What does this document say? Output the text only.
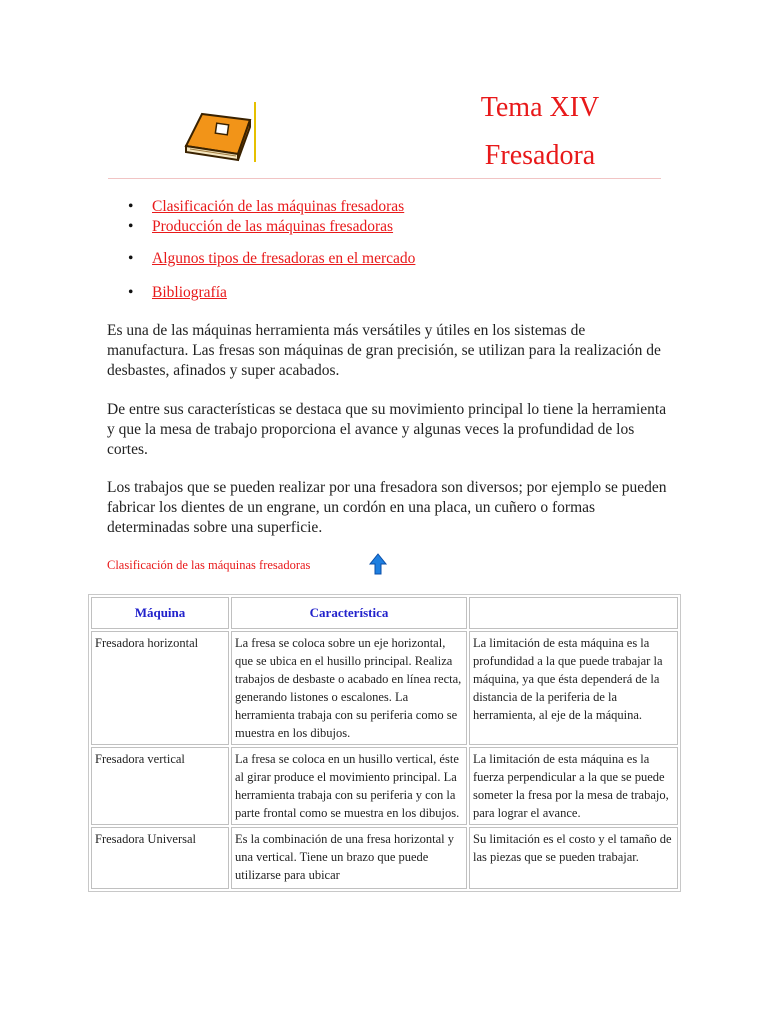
Tema XIV
Fresadora
• Clasificación de las máquinas fresadoras
• Producción de las máquinas fresadoras
• Algunos tipos de fresadoras en el mercado
• Bibliografía

Es una de las máquinas herramienta más versátiles y útiles en los sistemas de manufactura. Las fresas son máquinas de gran precisión, se utilizan para la realización de desbastes, afinados y super acabados.

De entre sus características se destaca que su movimiento principal lo tiene la herramienta y que la mesa de trabajo proporciona el avance y algunas veces la profundidad de los cortes.

Los trabajos que se pueden realizar por una fresadora son diversos; por ejemplo se pueden fabricar los dientes de un engrane, un cordón en una placa, un cuñero o formas determinadas sobre una superficie.

Clasificación de las máquinas fresadoras
Máquina	Característica	
Fresadora horizontal	La fresa se coloca sobre un eje horizontal, que se ubica en el husillo principal. Realiza trabajos de desbaste o acabado en línea recta, generando listones o escalones. La herramienta trabaja con su periferia como se muestra en los dibujos.	La limitación de esta máquina es la profundidad a la que puede trabajar la máquina, ya que ésta dependerá de la distancia de la periferia de la herramienta, al eje de la máquina.
Fresadora vertical	La fresa se coloca en un husillo vertical, éste al girar produce el movimiento principal. La herramienta trabaja con su periferia y con la parte frontal como se muestra en los dibujos.	La limitación de esta máquina es la fuerza perpendicular a la que se puede someter la fresa por la mesa de trabajo, para lograr el avance.
Fresadora Universal	Es la combinación de una fresa horizontal y una vertical. Tiene un brazo que puede utilizarse para ubicar	Su limitación es el costo y el tamaño de las piezas que se pueden trabajar.
